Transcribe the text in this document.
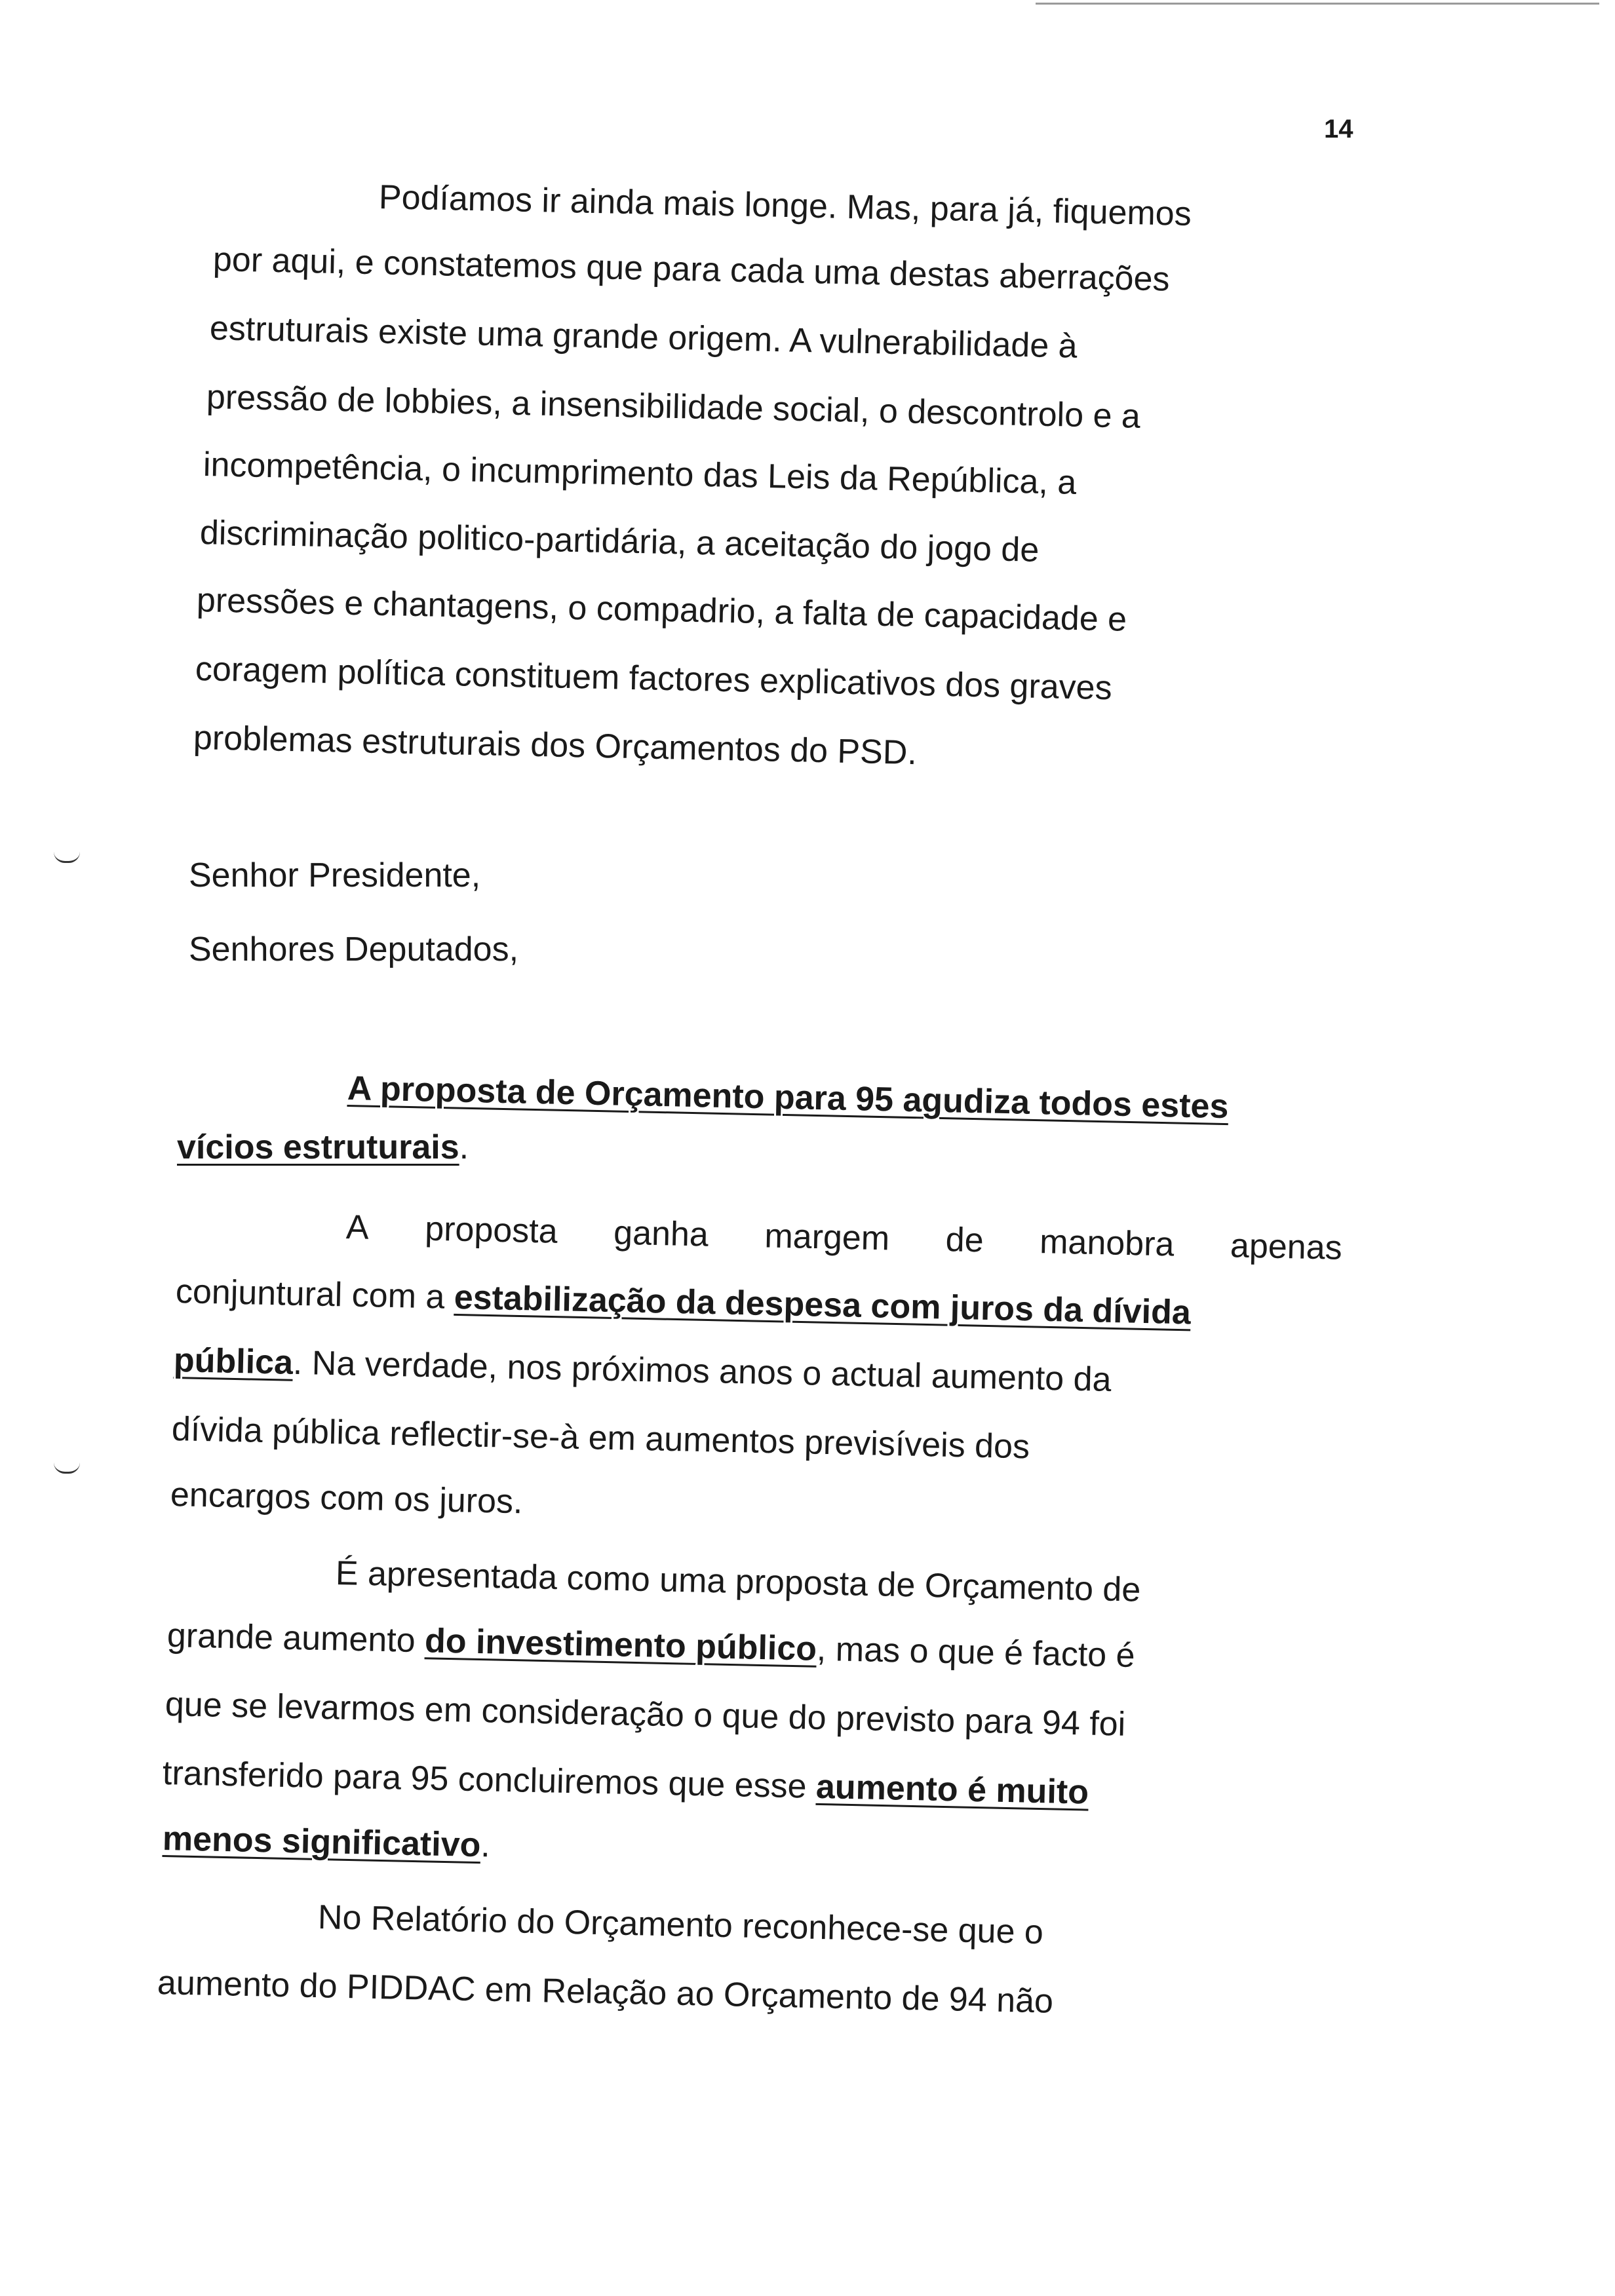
14
Podíamos ir ainda mais longe. Mas, para já, fiquemos
por aqui, e constatemos que para cada uma destas aberrações
estruturais existe uma grande origem. A vulnerabilidade à
pressão de lobbies, a insensibilidade social, o descontrolo e a
incompetência, o incumprimento das Leis da República, a
discriminação politico-partidária, a aceitação do jogo de
pressões e chantagens, o compadrio, a falta de capacidade e
coragem política constituem factores explicativos dos graves
problemas estruturais dos Orçamentos do PSD.
Senhor Presidente,
Senhores Deputados,
A proposta de Orçamento para 95 agudiza todos estes
vícios estruturais.
A proposta ganha margem de manobra apenas
conjuntural com a estabilização da despesa com juros da dívida
pública. Na verdade, nos próximos anos o actual aumento da
dívida pública reflectir-se-à em aumentos previsíveis dos
encargos com os juros.
É apresentada como uma proposta de Orçamento de
grande aumento do investimento público, mas o que é facto é
que se levarmos em consideração o que do previsto para 94 foi
transferido para 95 concluiremos que esse aumento é muito
menos significativo.
No Relatório do Orçamento reconhece-se que o
aumento do PIDDAC em Relação ao Orçamento de 94 não
